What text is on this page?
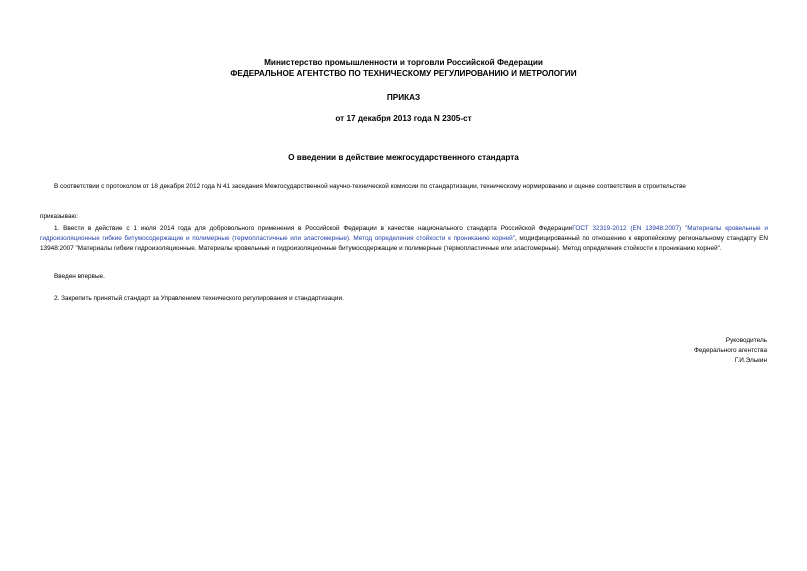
Министерство промышленности и торговли Российской Федерации
ФЕДЕРАЛЬНОЕ АГЕНТСТВО ПО ТЕХНИЧЕСКОМУ РЕГУЛИРОВАНИЮ И МЕТРОЛОГИИ
ПРИКАЗ
от 17 декабря 2013 года N 2305-ст
О введении в действие межгосударственного стандарта
В соответствии с протоколом от 18 декабря 2012 года N 41 заседания Межгосударственной научно-технической комиссии по стандартизации, техническому нормированию и оценке соответствия в строительстве
приказываю:
1. Ввести в действие с 1 июля 2014 года для добровольного применения в Российской Федерации в качестве национального стандарта Российской ФедерацииГОСТ 32319-2012 (EN 13948:2007) "Материалы кровельные и гидроизоляционные гибкие битумосодержащие и полимерные (термопластичные или эластомерные). Метод определения стойкости к прониканию корней", модифицированный по отношению к европейскому региональному стандарту EN 13948:2007 "Материалы гибкие гидроизоляционные. Материалы кровельные и гидроизоляционные битумосодержащие и полимерные (термопластичные или эластомерные). Метод определения стойкости к прониканию корней".
Введен впервые.
2. Закрепить принятый стандарт за Управлением технического регулирования и стандартизации.
Руководитель
Федерального агентства
Г.И.Элькин
